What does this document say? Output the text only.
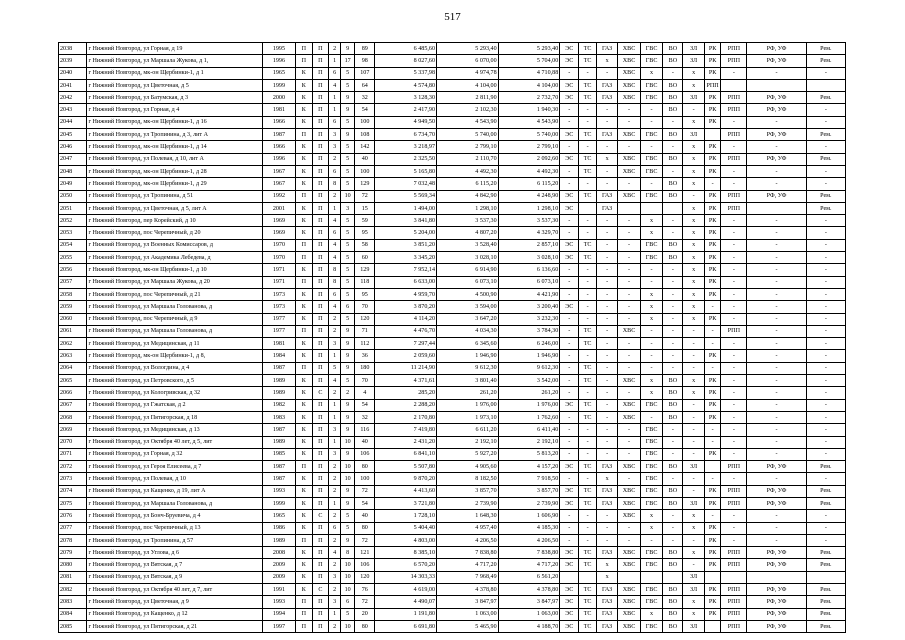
517
2038	г Нижний Новгород, ул Горная, д 19	1995	П	П	2	9	89	6 485,60	5 293,40	5 293,40	ЭС	ТС	ГАЗ	ХВС	ГВС	ВО	ЗЛ	РК	РПП	РФ, УФ	Рем.
2039	г Нижний Новгород, ул Маршала Жукова, д 1,	1996	П	П	1	17	98	8 027,60	6 070,00	5 704,00	ЭС	ТС	х	ХВС	ГВС	ВО	ЗЛ	РК	РПП	РФ, УФ	Рем.
2040	г Нижний Новгород, мк-он Щербинки-1, д 1	1965	К	П	6	5	107	5 337,98	4 974,78	4 710,88	-	-	-	ХВС	х	-	х	РК	-	-	-
2041	г Нижний Новгород, ул Цветочная, д 5	1999	К	П	4	5	64	4 574,80	4 104,00	4 104,00	ЭС	ТС	ГАЗ	ХВС	ГВС	ВО	х	РПП			
2042	г Нижний Новгород, ул Батумская, д 3	2000	К	П	1	9	32	3 128,30	2 811,90	2 732,70	ЭС	ТС	ГАЗ	ХВС	ГВС	ВО	ЗЛ	РК	РПП	РФ, УФ	Рем.
2043	г Нижний Новгород, ул Горная, д 4	1981	К	П	1	9	54	2 417,90	2 102,30	1 940,30	-	-	-	-	-	ВО	-	РК	РПП	РФ, УФ	-
2044	г Нижний Новгород, мк-он Щербинки-1, д 16	1966	К	П	6	5	100	4 949,50	4 543,90	4 543,90	-	-	-	-	-	-	х	РК	-	-	-
2045	г Нижний Новгород, ул Тропинина, д 3, лит А	1987	П	П	3	9	108	6 734,70	5 740,00	5 740,00	ЭС	ТС	ГАЗ	ХВС	ГВС	ВО	ЗЛ		РПП	РФ, УФ	Рем.
2046	г Нижний Новгород, мк-он Щербинки-1, д 14	1966	К	П	3	5	142	3 218,97	2 799,10	2 799,10	-	-	-	-	-	-	х	РК	-	-	-
2047	г Нижний Новгород, ул Полевая, д 10, лит А	1996	К	П	2	5	40	2 325,50	2 110,70	2 092,60	ЭС	ТС	х	ХВС	ГВС	ВО	х	РК	РПП	РФ, УФ	Рем.
2048	г Нижний Новгород, мк-он Щербинки-1, д 28	1967	К	П	6	5	100	5 165,80	4 492,30	4 492,30	-	ТС	-	ХВС	ГВС	-	х	РК	-	-	-
2049	г Нижний Новгород, мк-он Щербинки-1, д 29	1967	К	П	8	5	129	7 032,48	6 115,20	6 115,20	-	-	-	-	-	ВО	х	-	-	-	-
2050	г Нижний Новгород, ул Тропинина, д 51	1992	П	П	2	10	72	5 569,34	4 842,90	4 248,90	ЭС	ТС	ГАЗ	ХВС	ГВС	ВО	-	РК	РПП	РФ, УФ	Рем.
2051	г Нижний Новгород, ул Цветочная, д 5, лит А	2001	К	П	1	3	15	1 494,00	1 298,10	1 298,10	ЭС		ГАЗ				х	РК	РПП		Рем.
2052	г Нижний Новгород, пер Корейский, д 10	1969	К	П	4	5	59	3 841,80	3 537,30	3 537,30	-	-	-	-	х	-	х	РК	-	-	-
2053	г Нижний Новгород, пос Черепичный, д 20	1969	К	П	6	5	95	5 204,00	4 807,20	4 329,70	-	-	-	-	х	-	х	РК	-	-	-
2054	г Нижний Новгород, ул Военных Комиссаров, д	1970	П	П	4	5	58	3 851,20	3 528,40	2 857,10	ЭС	ТС	-	-	ГВС	ВО	х	РК	-	-	-
2055	г Нижний Новгород, ул Академика Лебедева, д	1970	П	П	4	5	60	3 345,20	3 028,10	3 028,10	ЭС	ТС	-	-	ГВС	ВО	х	РК	-	-	-
2056	г Нижний Новгород, мк-он Щербинки-1, д 10	1971	К	П	8	5	129	7 952,14	6 914,90	6 136,60	-	-	-	-	-	-	х	РК	-	-	-
2057	г Нижний Новгород, ул Маршала Жукова, д 20	1971	П	П	8	5	118	6 633,00	6 073,10	6 073,10	-	-	-	-	-	-	х	РК	-	-	-
2058	г Нижний Новгород, пос Черепичный, д 21	1973	К	П	6	5	95	4 959,70	4 500,90	4 421,90	-	-	-	-	х	-	х	РК	-	-	-
2059	г Нижний Новгород, ул Маршала Голованова, д	1973	К	П	4	6	70	3 870,20	3 594,00	3 200,40	ЭС	-	-	-	х	-	х	-	-	-	-
2060	г Нижний Новгород, пос Черепичный, д 9	1977	К	П	2	5	120	4 114,20	3 647,20	3 232,30	-	-	-	-	х	-	х	РК	-	-	-
2061	г Нижний Новгород, ул Маршала Голованова, д	1977	П	П	2	9	71	4 476,70	4 034,30	3 784,30	-	ТС	-	ХВС	-	-	-	-	РПП	-	-
2062	г Нижний Новгород, ул Медицинская, д 11	1981	К	П	3	9	112	7 297,44	6 345,60	6 246,00	-	ТС	-	-	-	-	-	-	-	-	-
2063	г Нижний Новгород, мк-он Щербинки-1, д 8,	1984	К	П	1	9	36	2 059,60	1 946,90	1 946,90	-	-	-	-	-	-	-	РК	-	-	-
2064	г Нижний Новгород, ул Вологдина, д 4	1987	П	П	5	9	180	11 214,90	9 612,30	9 612,30	-	ТС	-	-	-	-	-	-	-	-	-
2065	г Нижний Новгород, ул Петровского, д 5	1989	К	П	4	5	70	4 371,61	3 801,40	3 542,00	-	ТС	-	ХВС	х	ВО	х	РК	-	-	-
2066	г Нижний Новгород, ул Кологривская, д 32	1989	К	С	2	2	4	285,20	261,20	261,20	-	-	-	-	х	ВО	х	РК	-	-	-
2067	г Нижний Новгород, ул Гжатская, д 2	1982	К	П	1	9	54	2 288,20	1 976,00	1 976,00	ЭС	ТС	-	ХВС	ГВС	ВО	-	РК	-	-	-
2068	г Нижний Новгород, ул Пятигорская, д 18	1983	К	П	1	9	32	2 170,80	1 973,10	1 762,60	-	ТС	-	ХВС	-	ВО	-	РК	-	-	-
2069	г Нижний Новгород, ул Медицинская, д 13	1987	К	П	3	9	116	7 419,80	6 611,20	6 411,40	-	-	-	-	ГВС	-	-	-	-	-	-
2070	г Нижний Новгород, ул Октября 40 лет, д 5, лит	1989	К	П	1	10	40	2 431,20	2 192,10	2 192,10	-	-	-	-	ГВС	-	-	-	-	-	-
2071	г Нижний Новгород, ул Горная, д 32	1985	К	П	3	9	106	6 841,10	5 927,20	5 813,20	-	-	-	-	ГВС	-	-	РК	-	-	-
2072	г Нижний Новгород, ул Героя Елисеева, д 7	1987	П	П	2	10	80	5 507,80	4 905,60	4 157,20	ЭС	ТС	ГАЗ	ХВС	ГВС	ВО	ЗЛ		РПП	РФ, УФ	Рем.
2073	г Нижний Новгород, ул Полевая, д 10	1987	К	П	2	10	100	9 870,20	8 182,50	7 918,50	-	-	х	-	ГВС	-	-	-	-	-	-
2074	г Нижний Новгород, ул Кащенко, д 19, лит А	1993	К	П	2	9	72	4 413,60	3 857,70	3 857,70	ЭС	ТС	ГАЗ	ХВС	ГВС	ВО	-	РК	РПП	РФ, УФ	Рем.
2075	г Нижний Новгород, ул Маршала Голованова, д	1999	К	П	1	9	54	3 721,80	2 739,90	2 739,90	ЭС	ТС	ГАЗ	ХВС	ГВС	ВО	ЗЛ	РК	РПП	РФ, УФ	Рем.
2076	г Нижний Новгород, ул Бонч-Бруевича, д 4	1965	К	С	2	5	40	1 728,10	1 648,30	1 606,90	-	-	-	ХВС	х	-	х	-	-	-	-
2077	г Нижний Новгород, пос Черепичный, д 13	1986	К	П	6	5	80	5 404,40	4 957,40	4 185,30	-	-	-	-	х	-	х	РК	-	-	-
2078	г Нижний Новгород, ул Тропинина, д 57	1989	П	П	2	9	72	4 803,00	4 206,50	4 206,50	-	-	-	-	-	-	-	РК	-	-	-
2079	г Нижний Новгород, ул Углова, д 6	2008	К	П	4	8	121	8 385,10	7 838,80	7 838,80	ЭС	ТС	ГАЗ	ХВС	ГВС	ВО	х	РК	РПП	РФ, УФ	Рем.
2080	г Нижний Новгород, ул Вятская, д 7	2009	К	П	2	10	106	6 570,20	4 717,20	4 717,20	ЭС	ТС	х	ХВС	ГВС	ВО	-	РК	РПП	РФ, УФ	Рем.
2081	г Нижний Новгород, ул Вятская, д 9	2009	К	П	3	10	120	14 303,33	7 968,49	6 561,20			х				ЗЛ				
2082	г Нижний Новгород, ул Октября 40 лет, д 7, лит	1991	К	С	2	10	76	4 619,00	4 378,80	4 378,80	ЭС	ТС	ГАЗ	ХВС	ГВС	ВО	ЗЛ	РК	РПП	РФ, УФ	Рем.
2083	г Нижний Новгород, ул Цветочная, д 9	1993	П	П	3	6	72	4 490,07	3 847,97	3 847,97	ЭС	ТС	ГАЗ	ХВС	ГВС	ВО	х	РК	РПП	РФ, УФ	Рем.
2084	г Нижний Новгород, ул Кащенко, д 12	1994	П	П	1	5	20	1 191,80	1 063,00	1 063,00	ЭС	ТС	ГАЗ	ХВС	х	ВО	х	РК	РПП	РФ, УФ	Рем.
2085	г Нижний Новгород, ул Пятигорская, д 21	1997	П	П	2	10	80	6 691,80	5 465,90	4 188,70	ЭС	ТС	ГАЗ	ХВС	ГВС	ВО	ЗЛ		РПП	РФ, УФ	Рем.
